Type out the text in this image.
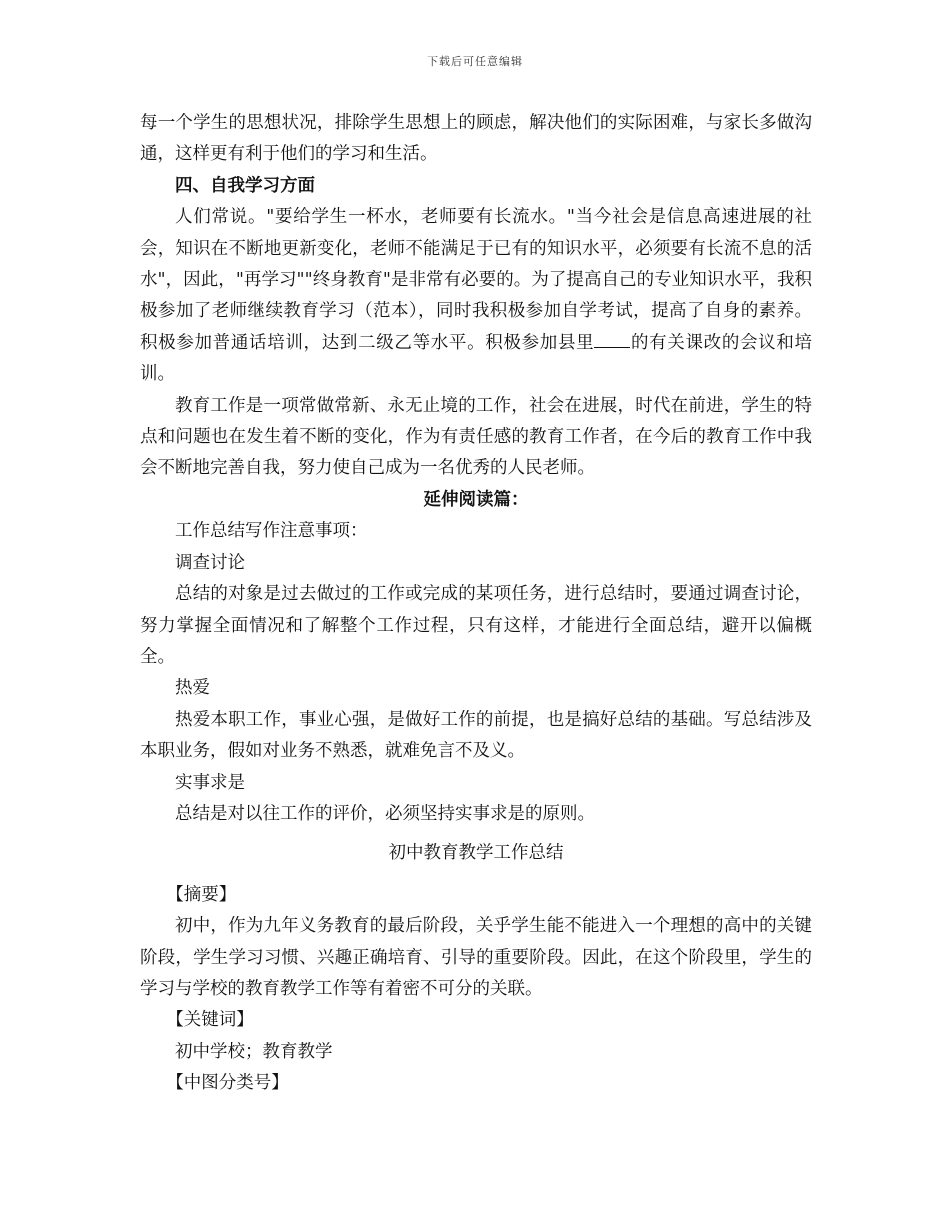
下载后可任意编辑

每一个学生的思想状况，排除学生思想上的顾虑，解决他们的实际困难，与家长多做沟通，这样更有利于他们的学习和生活。

四、自我学习方面

人们常说。"要给学生一杯水，老师要有长流水。"当今社会是信息高速进展的社会，知识在不断地更新变化，老师不能满足于已有的知识水平，必须要有长流不息的活水"，因此，"再学习""终身教育"是非常有必要的。为了提高自己的专业知识水平，我积极参加了老师继续教育学习（范本），同时我积极参加自学考试，提高了自身的素养。积极参加普通话培训，达到二级乙等水平。积极参加县里 的有关课改的会议和培训。

教育工作是一项常做常新、永无止境的工作，社会在进展，时代在前进，学生的特点和问题也在发生着不断的变化，作为有责任感的教育工作者，在今后的教育工作中我会不断地完善自我，努力使自己成为一名优秀的人民老师。

延伸阅读篇：

工作总结写作注意事项：

调查讨论

总结的对象是过去做过的工作或完成的某项任务，进行总结时，要通过调查讨论，努力掌握全面情况和了解整个工作过程，只有这样，才能进行全面总结，避开以偏概全。

热爱

热爱本职工作，事业心强，是做好工作的前提，也是搞好总结的基础。写总结涉及本职业务，假如对业务不熟悉，就难免言不及义。

实事求是

总结是对以往工作的评价，必须坚持实事求是的原则。

初中教育教学工作总结

【摘要】

初中，作为九年义务教育的最后阶段，关乎学生能不能进入一个理想的高中的关键阶段，学生学习习惯、兴趣正确培育、引导的重要阶段。因此，在这个阶段里，学生的学习与学校的教育教学工作等有着密不可分的关联。

【关键词】

初中学校；教育教学

【中图分类号】
